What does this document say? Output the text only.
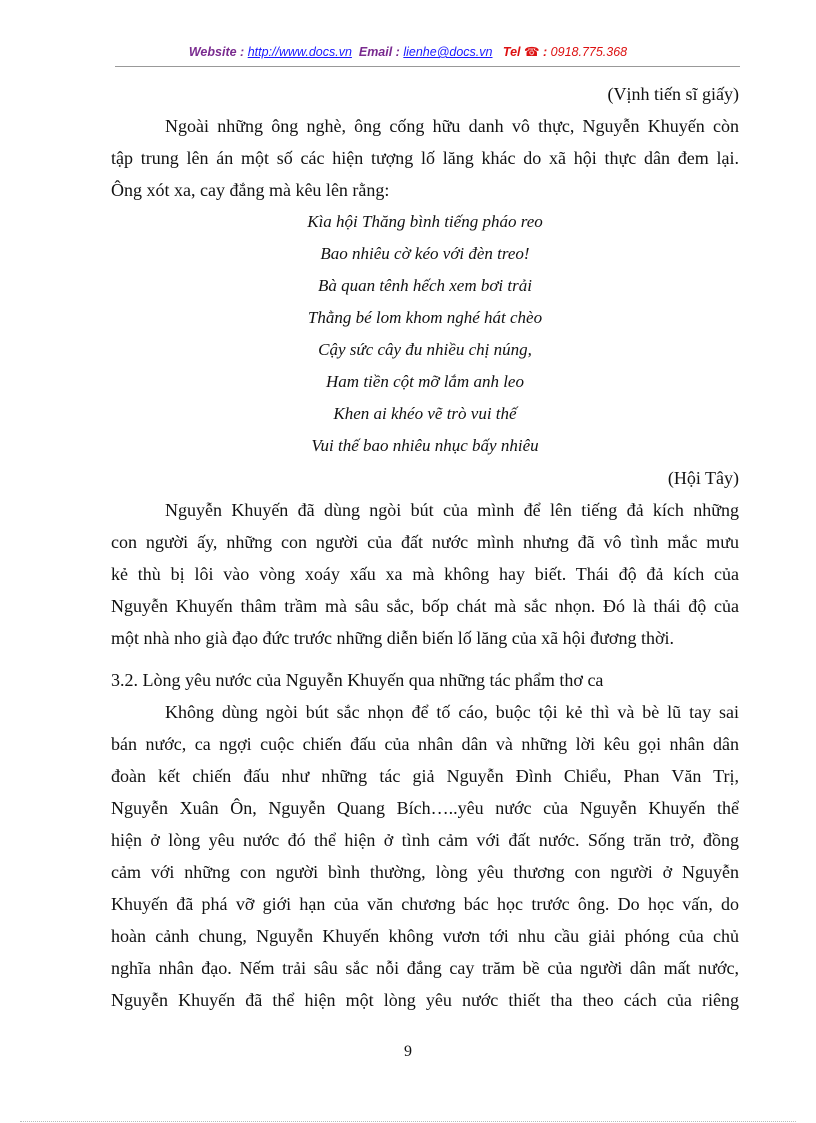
Website : http://www.docs.vn Email : lienhe@docs.vn Tel ☎ : 0918.775.368
(Vịnh tiến sĩ giấy)
Ngoài những ông nghè, ông cống hữu danh vô thực, Nguyễn Khuyến còn
tập trung lên án một số các hiện tượng lố lăng khác do xã hội thực dân đem lại.
Ông xót xa, cay đắng mà kêu lên rằng:
Kìa hội Thăng bình tiếng pháo reo
Bao nhiêu cờ kéo với đèn treo!
Bà quan tênh hếch xem bơi trải
Thằng bé lom khom nghé hát chèo
Cậy sức cây đu nhiều chị núng,
Ham tiền cột mỡ lắm anh leo
Khen ai khéo vẽ trò vui thế
Vui thế bao nhiêu nhục bấy nhiêu
(Hội Tây)
Nguyễn Khuyến đã dùng ngòi bút của mình để lên tiếng đả kích những
con người ấy, những con người của đất nước mình nhưng đã vô tình mắc mưu
kẻ thù bị lôi vào vòng xoáy xấu xa mà không hay biết. Thái độ đả kích của
Nguyễn Khuyến thâm trầm mà sâu sắc, bốp chát mà sắc nhọn. Đó là thái độ của
một nhà nho già đạo đức trước những diễn biến lố lăng của xã hội đương thời.
3.2. Lòng yêu nước của Nguyễn Khuyến qua những tác phẩm thơ ca
Không dùng ngòi bút sắc nhọn để tố cáo, buộc tội kẻ thì và bè lũ tay sai
bán nước, ca ngợi cuộc chiến đấu của nhân dân và những lời kêu gọi nhân dân
đoàn kết chiến đấu như những tác giả Nguyễn Đình Chiểu, Phan Văn Trị,
Nguyễn Xuân Ôn, Nguyễn Quang Bích…..yêu nước của Nguyễn Khuyến thể
hiện ở lòng yêu nước đó thể hiện ở tình cảm với đất nước. Sống trăn trở, đồng
cảm với những con người bình thường, lòng yêu thương con người ở Nguyễn
Khuyến đã phá vỡ giới hạn của văn chương bác học trước ông. Do học vấn, do
hoàn cảnh chung, Nguyễn Khuyến không vươn tới nhu cầu giải phóng của chủ
nghĩa nhân đạo. Nếm trải sâu sắc nỗi đắng cay trăm bề của người dân mất nước,
Nguyễn Khuyến đã thể hiện một lòng yêu nước thiết tha theo cách của riêng
9
